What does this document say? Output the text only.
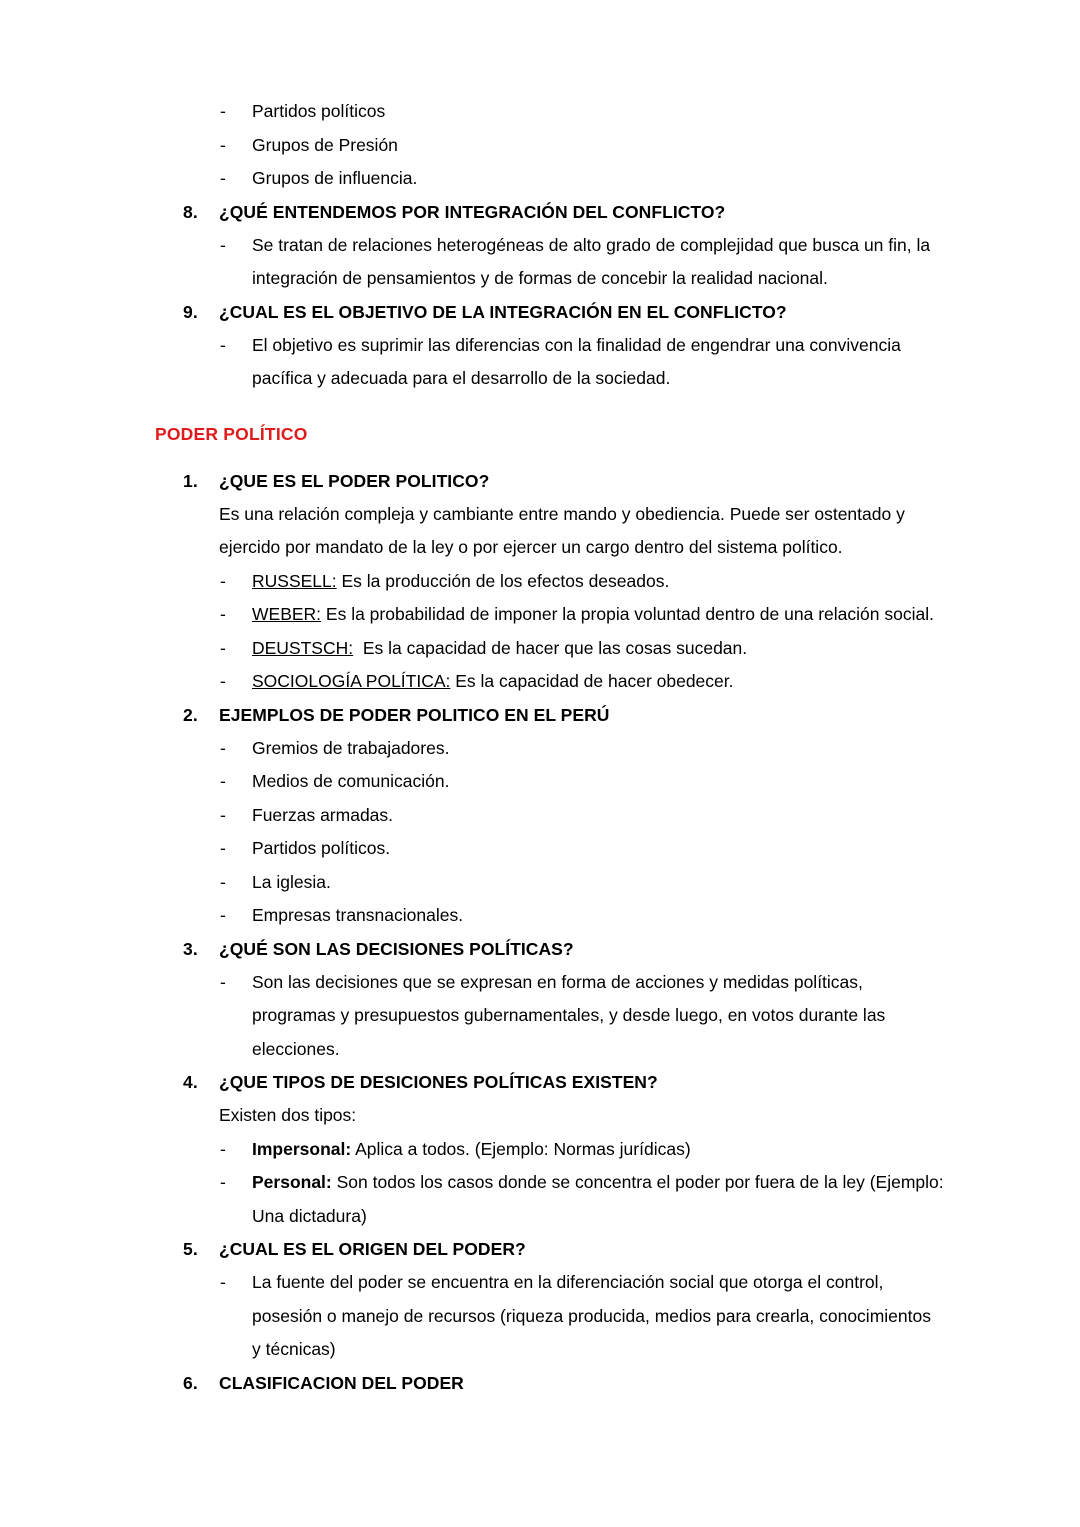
- Partidos políticos
- Grupos de Presión
- Grupos de influencia.
8. ¿QUÉ ENTENDEMOS POR INTEGRACIÓN DEL CONFLICTO?
- Se tratan de relaciones heterogéneas de alto grado de complejidad que busca un fin, la integración de pensamientos y de formas de concebir la realidad nacional.
9. ¿CUAL ES EL OBJETIVO DE LA INTEGRACIÓN EN EL CONFLICTO?
- El objetivo es suprimir las diferencias con la finalidad de engendrar una convivencia pacífica y adecuada para el desarrollo de la sociedad.
PODER POLÍTICO
1. ¿QUE ES EL PODER POLITICO?
Es una relación compleja y cambiante entre mando y obediencia. Puede ser ostentado y ejercido por mandato de la ley o por ejercer un cargo dentro del sistema político.
- RUSSELL: Es la producción de los efectos deseados.
- WEBER: Es la probabilidad de imponer la propia voluntad dentro de una relación social.
- DEUSTSCH:  Es la capacidad de hacer que las cosas sucedan.
- SOCIOLOGÍA POLÍTICA: Es la capacidad de hacer obedecer.
2. EJEMPLOS DE PODER POLITICO EN EL PERÚ
- Gremios de trabajadores.
- Medios de comunicación.
- Fuerzas armadas.
- Partidos políticos.
- La iglesia.
- Empresas transnacionales.
3. ¿QUÉ SON LAS DECISIONES POLÍTICAS?
- Son las decisiones que se expresan en forma de acciones y medidas políticas, programas y presupuestos gubernamentales, y desde luego, en votos durante las elecciones.
4. ¿QUE TIPOS DE DESICIONES POLÍTICAS EXISTEN?
Existen dos tipos:
- Impersonal: Aplica a todos. (Ejemplo: Normas jurídicas)
- Personal: Son todos los casos donde se concentra el poder por fuera de la ley (Ejemplo: Una dictadura)
5. ¿CUAL ES EL ORIGEN DEL PODER?
- La fuente del poder se encuentra en la diferenciación social que otorga el control, posesión o manejo de recursos (riqueza producida, medios para crearla, conocimientos y técnicas)
6. CLASIFICACION DEL PODER
